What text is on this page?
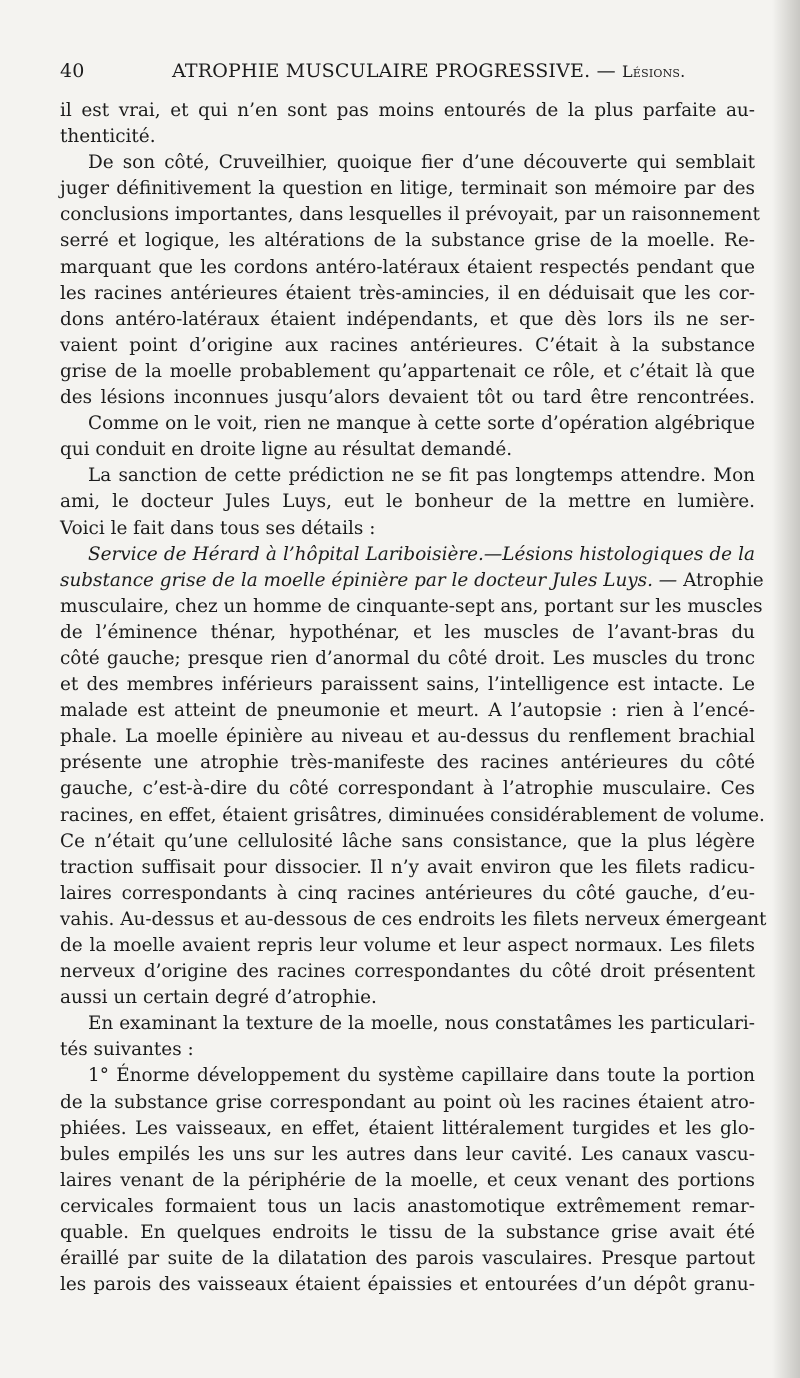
40	ATROPHIE MUSCULAIRE PROGRESSIVE. — Lésions.
il est vrai, et qui n’en sont pas moins entourés de la plus parfaite au-
thenticité.
De son côté, Cruveilhier, quoique fier d’une découverte qui semblait
juger définitivement la question en litige, terminait son mémoire par des
conclusions importantes, dans lesquelles il prévoyait, par un raisonnement
serré et logique, les altérations de la substance grise de la moelle. Re-
marquant que les cordons antéro-latéraux étaient respectés pendant que
les racines antérieures étaient très-amincies, il en déduisait que les cor-
dons antéro-latéraux étaient indépendants, et que dès lors ils ne ser-
vaient point d’origine aux racines antérieures. C’était à la substance
grise de la moelle probablement qu’appartenait ce rôle, et c’était là que
des lésions inconnues jusqu’alors devaient tôt ou tard être rencontrées.
Comme on le voit, rien ne manque à cette sorte d’opération algébrique
qui conduit en droite ligne au résultat demandé.
La sanction de cette prédiction ne se fit pas longtemps attendre. Mon
ami, le docteur Jules Luys, eut le bonheur de la mettre en lumière.
Voici le fait dans tous ses détails :
Service de Hérard à l’hôpital Lariboisière.—Lésions histologiques de la
substance grise de la moelle épinière par le docteur Jules Luys. — Atrophie
musculaire, chez un homme de cinquante-sept ans, portant sur les muscles
de l’éminence thénar, hypothénar, et les muscles de l’avant-bras du
côté gauche; presque rien d’anormal du côté droit. Les muscles du tronc
et des membres inférieurs paraissent sains, l’intelligence est intacte. Le
malade est atteint de pneumonie et meurt. A l’autopsie : rien à l’encé-
phale. La moelle épinière au niveau et au-dessus du renflement brachial
présente une atrophie très-manifeste des racines antérieures du côté
gauche, c’est-à-dire du côté correspondant à l’atrophie musculaire. Ces
racines, en effet, étaient grisâtres, diminuées considérablement de volume.
Ce n’était qu’une cellulosité lâche sans consistance, que la plus légère
traction suffisait pour dissocier. Il n’y avait environ que les filets radicu-
laires correspondants à cinq racines antérieures du côté gauche, d’eu-
vahis. Au-dessus et au-dessous de ces endroits les filets nerveux émergeant
de la moelle avaient repris leur volume et leur aspect normaux. Les filets
nerveux d’origine des racines correspondantes du côté droit présentent
aussi un certain degré d’atrophie.
En examinant la texture de la moelle, nous constatâmes les particulari-
tés suivantes :
1° Énorme développement du système capillaire dans toute la portion
de la substance grise correspondant au point où les racines étaient atro-
phiées. Les vaisseaux, en effet, étaient littéralement turgides et les glo-
bules empilés les uns sur les autres dans leur cavité. Les canaux vascu-
laires venant de la périphérie de la moelle, et ceux venant des portions
cervicales formaient tous un lacis anastomotique extrêmement remar-
quable. En quelques endroits le tissu de la substance grise avait été
éraillé par suite de la dilatation des parois vasculaires. Presque partout
les parois des vaisseaux étaient épaissies et entourées d’un dépôt granu-
